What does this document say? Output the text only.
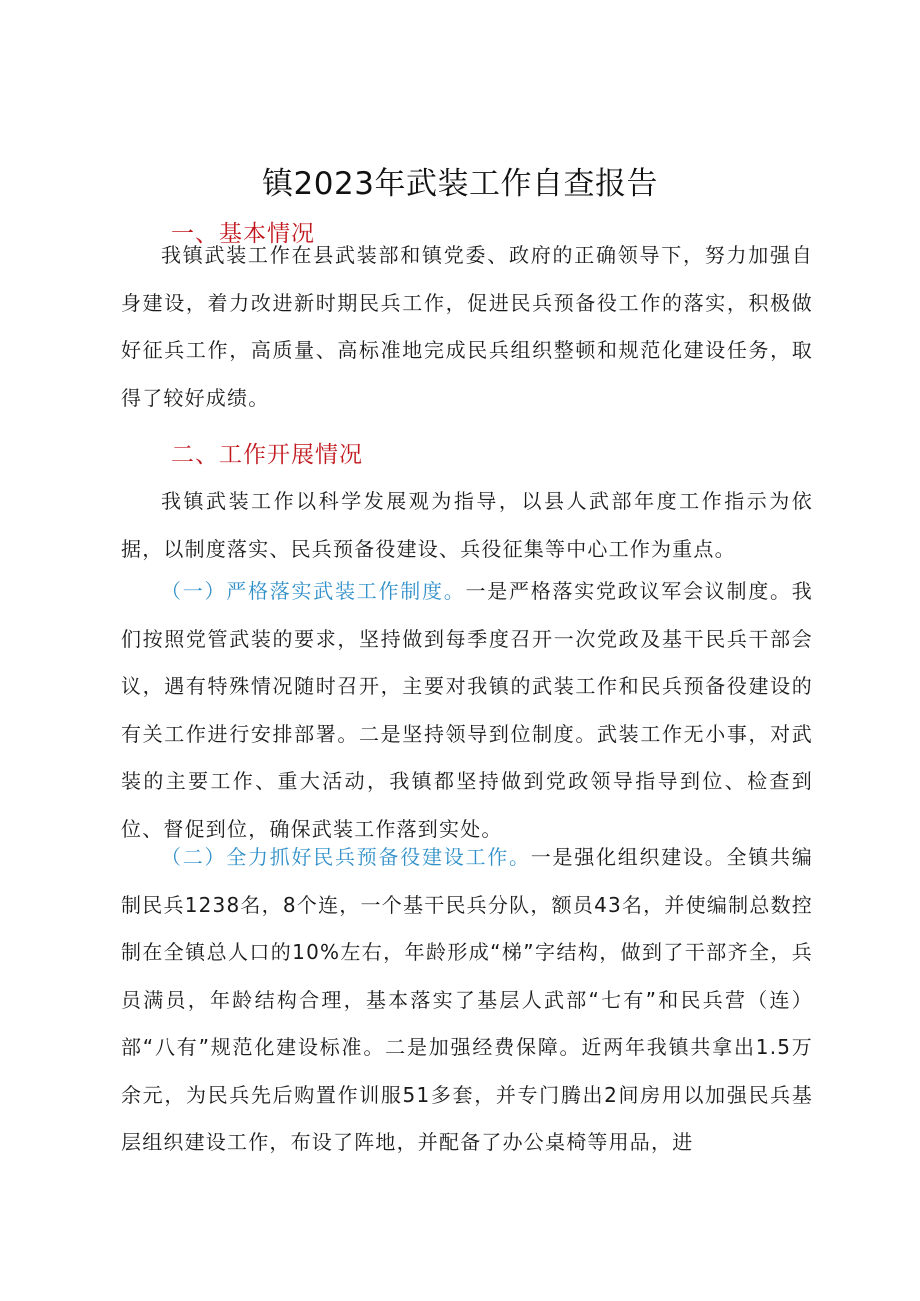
镇2023年武装工作自查报告
一、基本情况

我镇武装工作在县武装部和镇党委、政府的正确领导下，努力加强自身建设，着力改进新时期民兵工作，促进民兵预备役工作的落实，积极做好征兵工作，高质量、高标准地完成民兵组织整顿和规范化建设任务，取得了较好成绩。

二、工作开展情况

我镇武装工作以科学发展观为指导，以县人武部年度工作指示为依据，以制度落实、民兵预备役建设、兵役征集等中心工作为重点。

（一）严格落实武装工作制度。一是严格落实党政议军会议制度。我们按照党管武装的要求，坚持做到每季度召开一次党政及基干民兵干部会议，遇有特殊情况随时召开，主要对我镇的武装工作和民兵预备役建设的有关工作进行安排部署。二是坚持领导到位制度。武装工作无小事，对武装的主要工作、重大活动，我镇都坚持做到党政领导指导到位、检查到位、督促到位，确保武装工作落到实处。

（二）全力抓好民兵预备役建设工作。一是强化组织建设。全镇共编制民兵1238名，8个连，一个基干民兵分队，额员43名，并使编制总数控制在全镇总人口的10%左右，年龄形成“梯”字结构，做到了干部齐全，兵员满员，年龄结构合理，基本落实了基层人武部“七有”和民兵营（连）部“八有”规范化建设标准。二是加强经费保障。近两年我镇共拿出1.5万余元，为民兵先后购置作训服51多套，并专门腾出2间房用以加强民兵基层组织建设工作，布设了阵地，并配备了办公桌椅等用品，进
